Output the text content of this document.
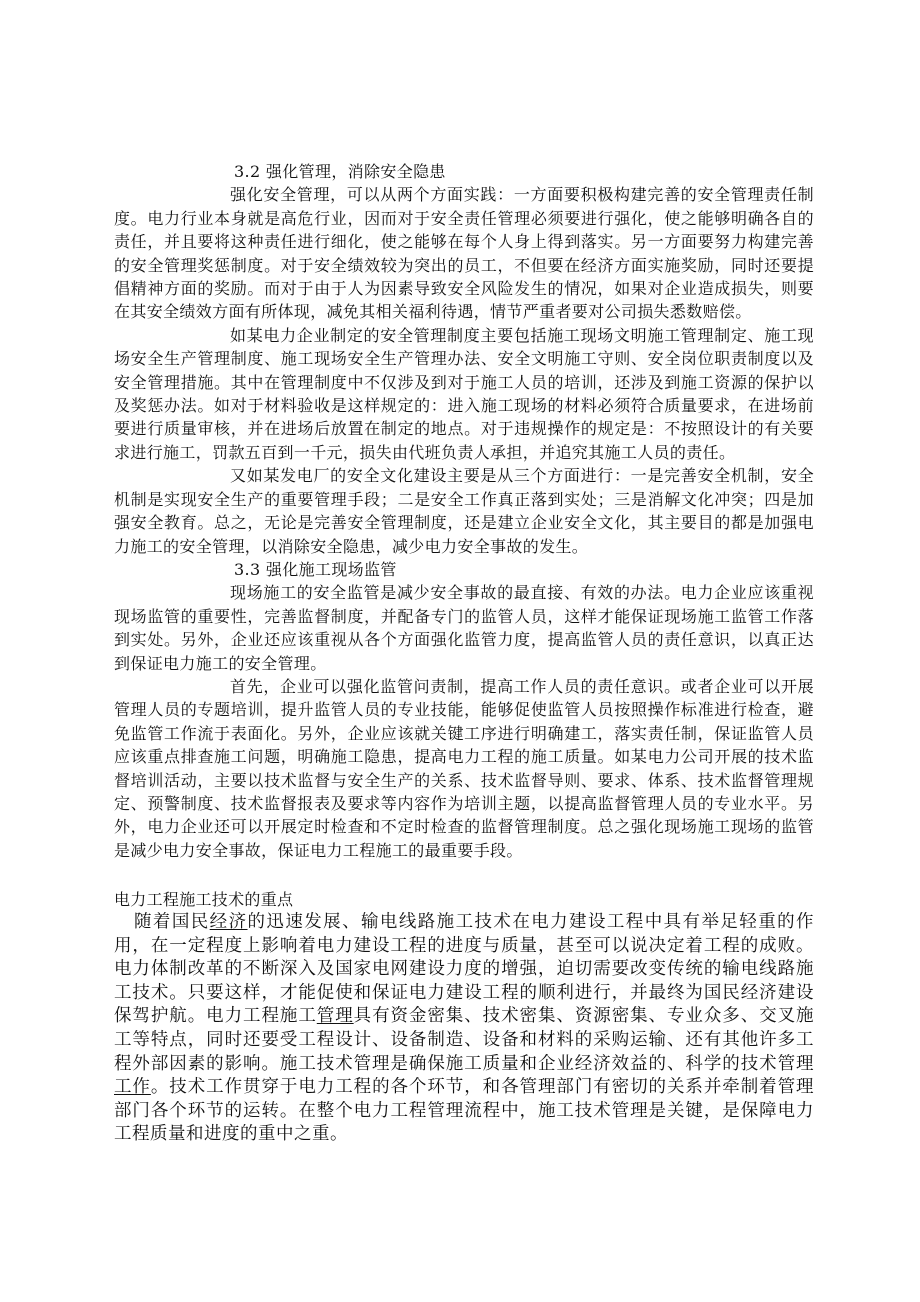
3.2 强化管理，消除安全隐患

强化安全管理，可以从两个方面实践：一方面要积极构建完善的安全管理责任制度。电力行业本身就是高危行业，因而对于安全责任管理必须要进行强化，使之能够明确各自的责任，并且要将这种责任进行细化，使之能够在每个人身上得到落实。另一方面要努力构建完善的安全管理奖惩制度。对于安全绩效较为突出的员工，不但要在经济方面实施奖励，同时还要提倡精神方面的奖励。而对于由于人为因素导致安全风险发生的情况，如果对企业造成损失，则要在其安全绩效方面有所体现，减免其相关福利待遇，情节严重者要对公司损失悉数赔偿。

如某电力企业制定的安全管理制度主要包括施工现场文明施工管理制定、施工现场安全生产管理制度、施工现场安全生产管理办法、安全文明施工守则、安全岗位职责制度以及安全管理措施。其中在管理制度中不仅涉及到对于施工人员的培训，还涉及到施工资源的保护以及奖惩办法。如对于材料验收是这样规定的：进入施工现场的材料必须符合质量要求，在进场前要进行质量审核，并在进场后放置在制定的地点。对于违规操作的规定是：不按照设计的有关要求进行施工，罚款五百到一千元，损失由代班负责人承担，并追究其施工人员的责任。

又如某发电厂的安全文化建设主要是从三个方面进行：一是完善安全机制，安全机制是实现安全生产的重要管理手段；二是安全工作真正落到实处；三是消解文化冲突；四是加强安全教育。总之，无论是完善安全管理制度，还是建立企业安全文化，其主要目的都是加强电力施工的安全管理，以消除安全隐患，减少电力安全事故的发生。

3.3 强化施工现场监管

现场施工的安全监管是减少安全事故的最直接、有效的办法。电力企业应该重视现场监管的重要性，完善监督制度，并配备专门的监管人员，这样才能保证现场施工监管工作落到实处。另外，企业还应该重视从各个方面强化监管力度，提高监管人员的责任意识，以真正达到保证电力施工的安全管理。

首先，企业可以强化监管问责制，提高工作人员的责任意识。或者企业可以开展管理人员的专题培训，提升监管人员的专业技能，能够促使监管人员按照操作标准进行检查，避免监管工作流于表面化。另外，企业应该就关键工序进行明确建工，落实责任制，保证监管人员应该重点排查施工问题，明确施工隐患，提高电力工程的施工质量。如某电力公司开展的技术监督培训活动，主要以技术监督与安全生产的关系、技术监督导则、要求、体系、技术监督管理规定、预警制度、技术监督报表及要求等内容作为培训主题，以提高监督管理人员的专业水平。另外，电力企业还可以开展定时检查和不定时检查的监督管理制度。总之强化现场施工现场的监管是减少电力安全事故，保证电力工程施工的最重要手段。

电力工程施工技术的重点

随着国民经济的迅速发展、输电线路施工技术在电力建设工程中具有举足轻重的作用，在一定程度上影响着电力建设工程的进度与质量，甚至可以说决定着工程的成败。电力体制改革的不断深入及国家电网建设力度的增强，迫切需要改变传统的输电线路施工技术。只要这样，才能促使和保证电力建设工程的顺利进行，并最终为国民经济建设保驾护航。电力工程施工管理具有资金密集、技术密集、资源密集、专业众多、交叉施工等特点，同时还要受工程设计、设备制造、设备和材料的采购运输、还有其他许多工程外部因素的影响。施工技术管理是确保施工质量和企业经济效益的、科学的技术管理工作。技术工作贯穿于电力工程的各个环节，和各管理部门有密切的关系并牵制着管理部门各个环节的运转。在整个电力工程管理流程中，施工技术管理是关键，是保障电力工程质量和进度的重中之重。
